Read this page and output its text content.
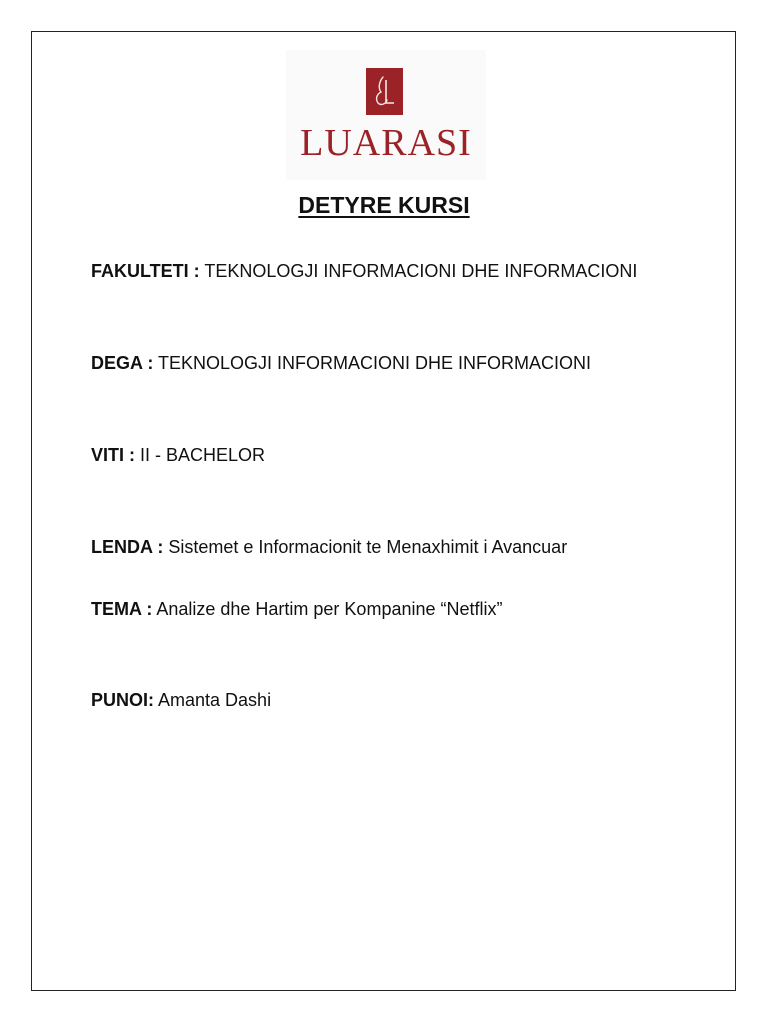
LUARASI
DETYRE KURSI
FAKULTETI : TEKNOLOGJI INFORMACIONI DHE INFORMACIONI
DEGA : TEKNOLOGJI INFORMACIONI DHE INFORMACIONI
VITI : II - BACHELOR
LENDA : Sistemet e Informacionit te Menaxhimit i Avancuar
TEMA : Analize dhe Hartim per Kompanine “Netflix”
PUNOI: Amanta Dashi
